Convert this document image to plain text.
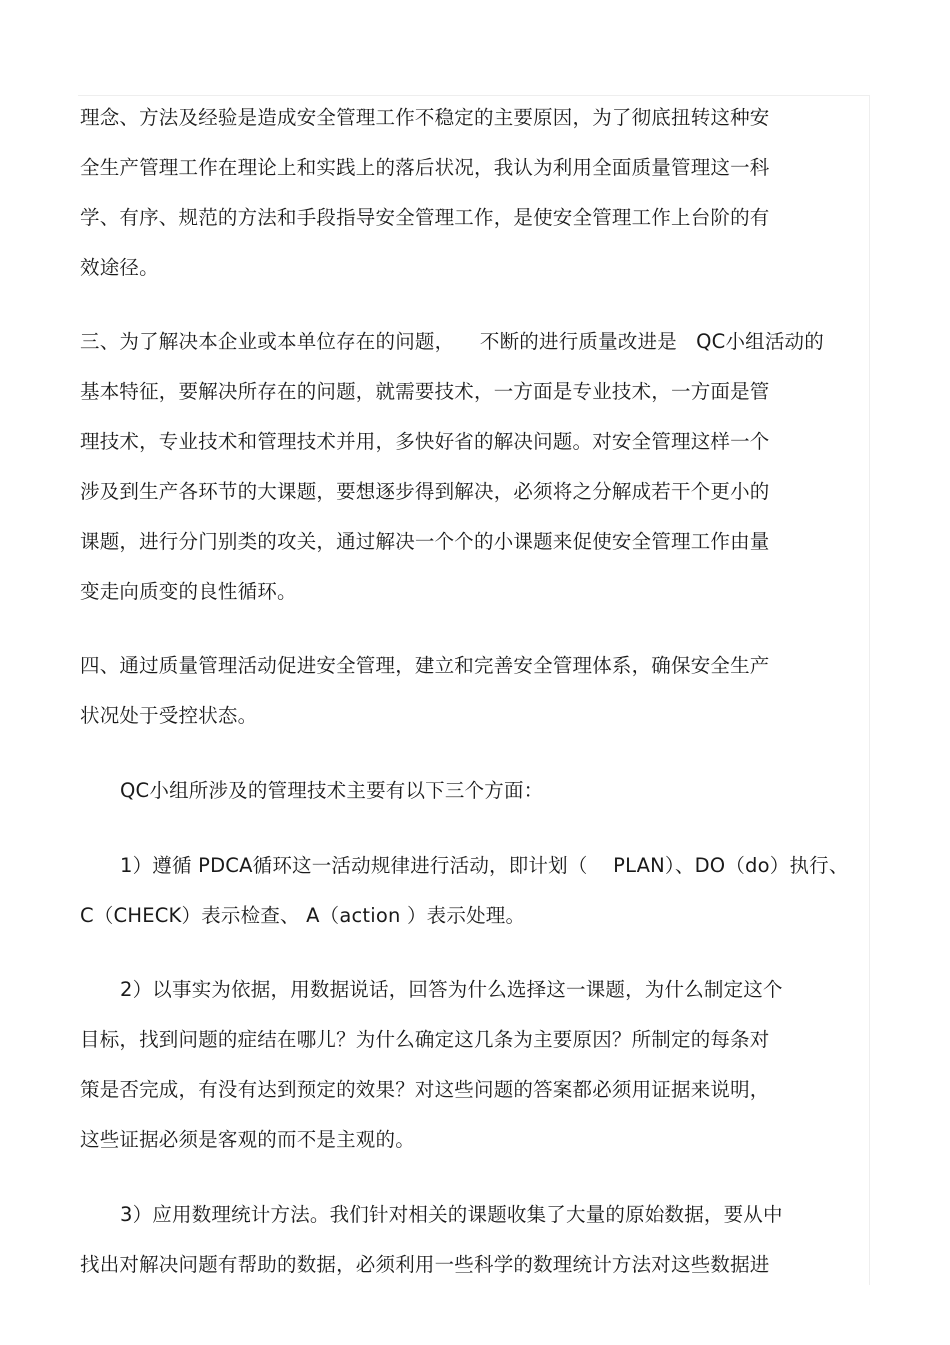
理念、方法及经验是造成安全管理工作不稳定的主要原因，为了彻底扭转这种安

全生产管理工作在理论上和实践上的落后状况，我认为利用全面质量管理这一科

学、有序、规范的方法和手段指导安全管理工作，是使安全管理工作上台阶的有

效途径。

三、为了解决本企业或本单位存在的问题，    不断的进行质量改进是   QC小组活动的

基本特征，要解决所存在的问题，就需要技术，一方面是专业技术，一方面是管

理技术，专业技术和管理技术并用，多快好省的解决问题。对安全管理这样一个

涉及到生产各环节的大课题，要想逐步得到解决，必须将之分解成若干个更小的

课题，进行分门别类的攻关，通过解决一个个的小课题来促使安全管理工作由量

变走向质变的良性循环。

四、通过质量管理活动促进安全管理，建立和完善安全管理体系，确保安全生产

状况处于受控状态。

QC小组所涉及的管理技术主要有以下三个方面：

1）遵循 PDCA循环这一活动规律进行活动，即计划（    PLAN）、DO（do）执行、

C（CHECK）表示检查、 A（action ）表示处理。

2）以事实为依据，用数据说话，回答为什么选择这一课题，为什么制定这个

目标，找到问题的症结在哪儿？为什么确定这几条为主要原因？所制定的每条对

策是否完成，有没有达到预定的效果？对这些问题的答案都必须用证据来说明，

这些证据必须是客观的而不是主观的。

3）应用数理统计方法。我们针对相关的课题收集了大量的原始数据，要从中

找出对解决问题有帮助的数据，必须利用一些科学的数理统计方法对这些数据进
